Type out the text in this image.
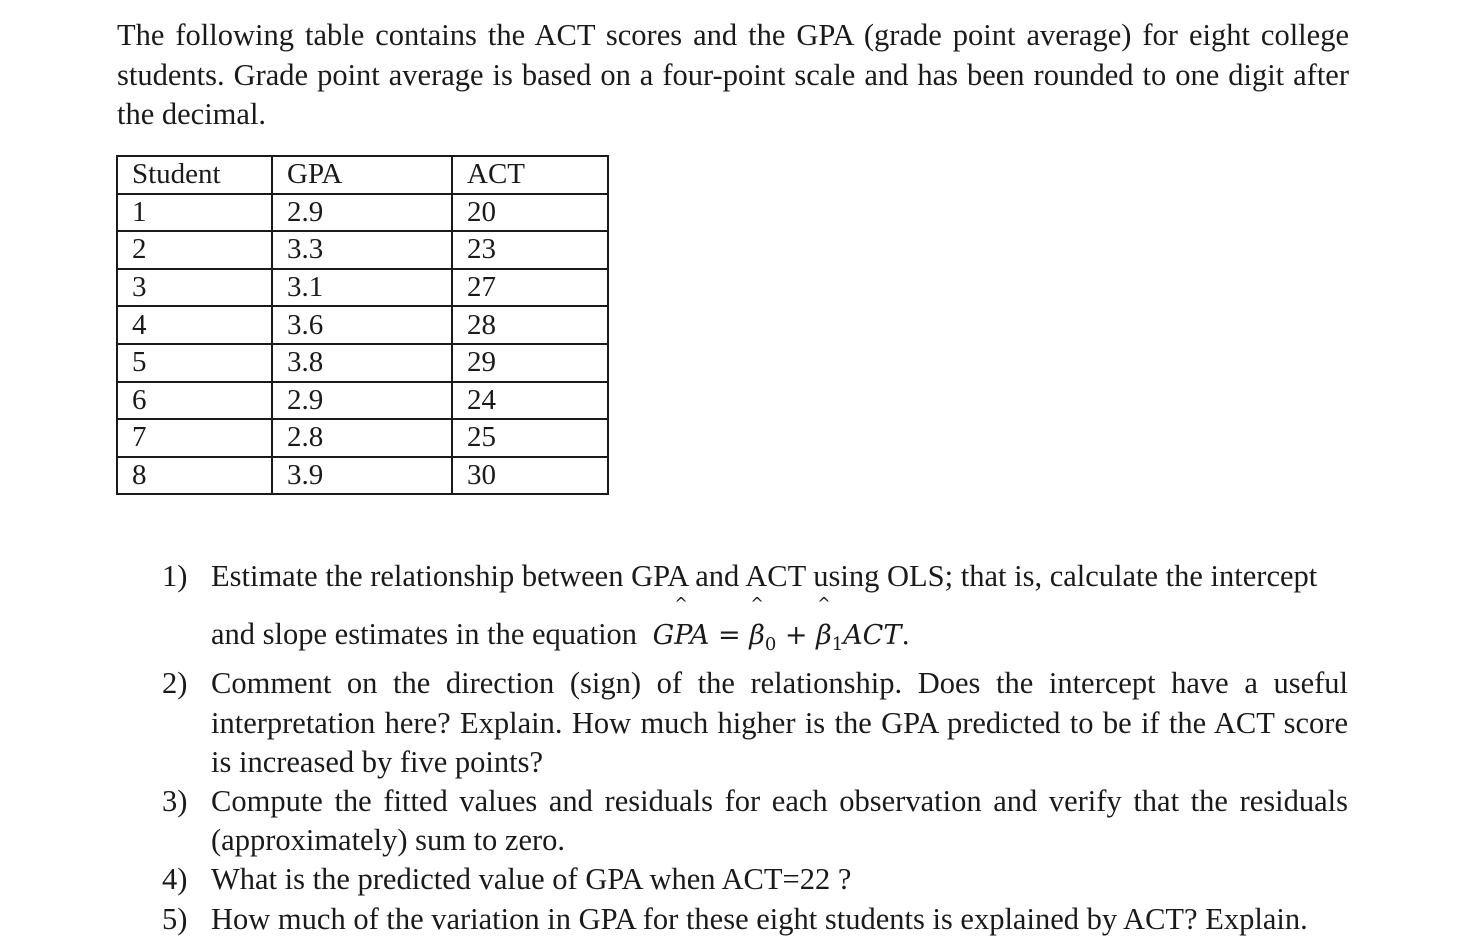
The following table contains the ACT scores and the GPA (grade point average) for eight college students. Grade point average is based on a four-point scale and has been rounded to one digit after the decimal.

Student	GPA	ACT
1	2.9	20
2	3.3	23
3	3.1	27
4	3.6	28
5	3.8	29
6	2.9	24
7	2.8	25
8	3.9	30
1) Estimate the relationship between GPA and ACT using OLS; that is, calculate the intercept
and slope estimates in the equation
^
GPA =
^
$\beta_0$ +
^
$\beta_1ACT$.
2) Comment on the direction (sign) of the relationship. Does the intercept have a useful interpretation here? Explain. How much higher is the GPA predicted to be if the ACT score is increased by five points?
3) Compute the fitted values and residuals for each observation and verify that the residuals (approximately) sum to zero.
4) What is the predicted value of GPA when ACT=22 ?
5) How much of the variation in GPA for these eight students is explained by ACT? Explain.
